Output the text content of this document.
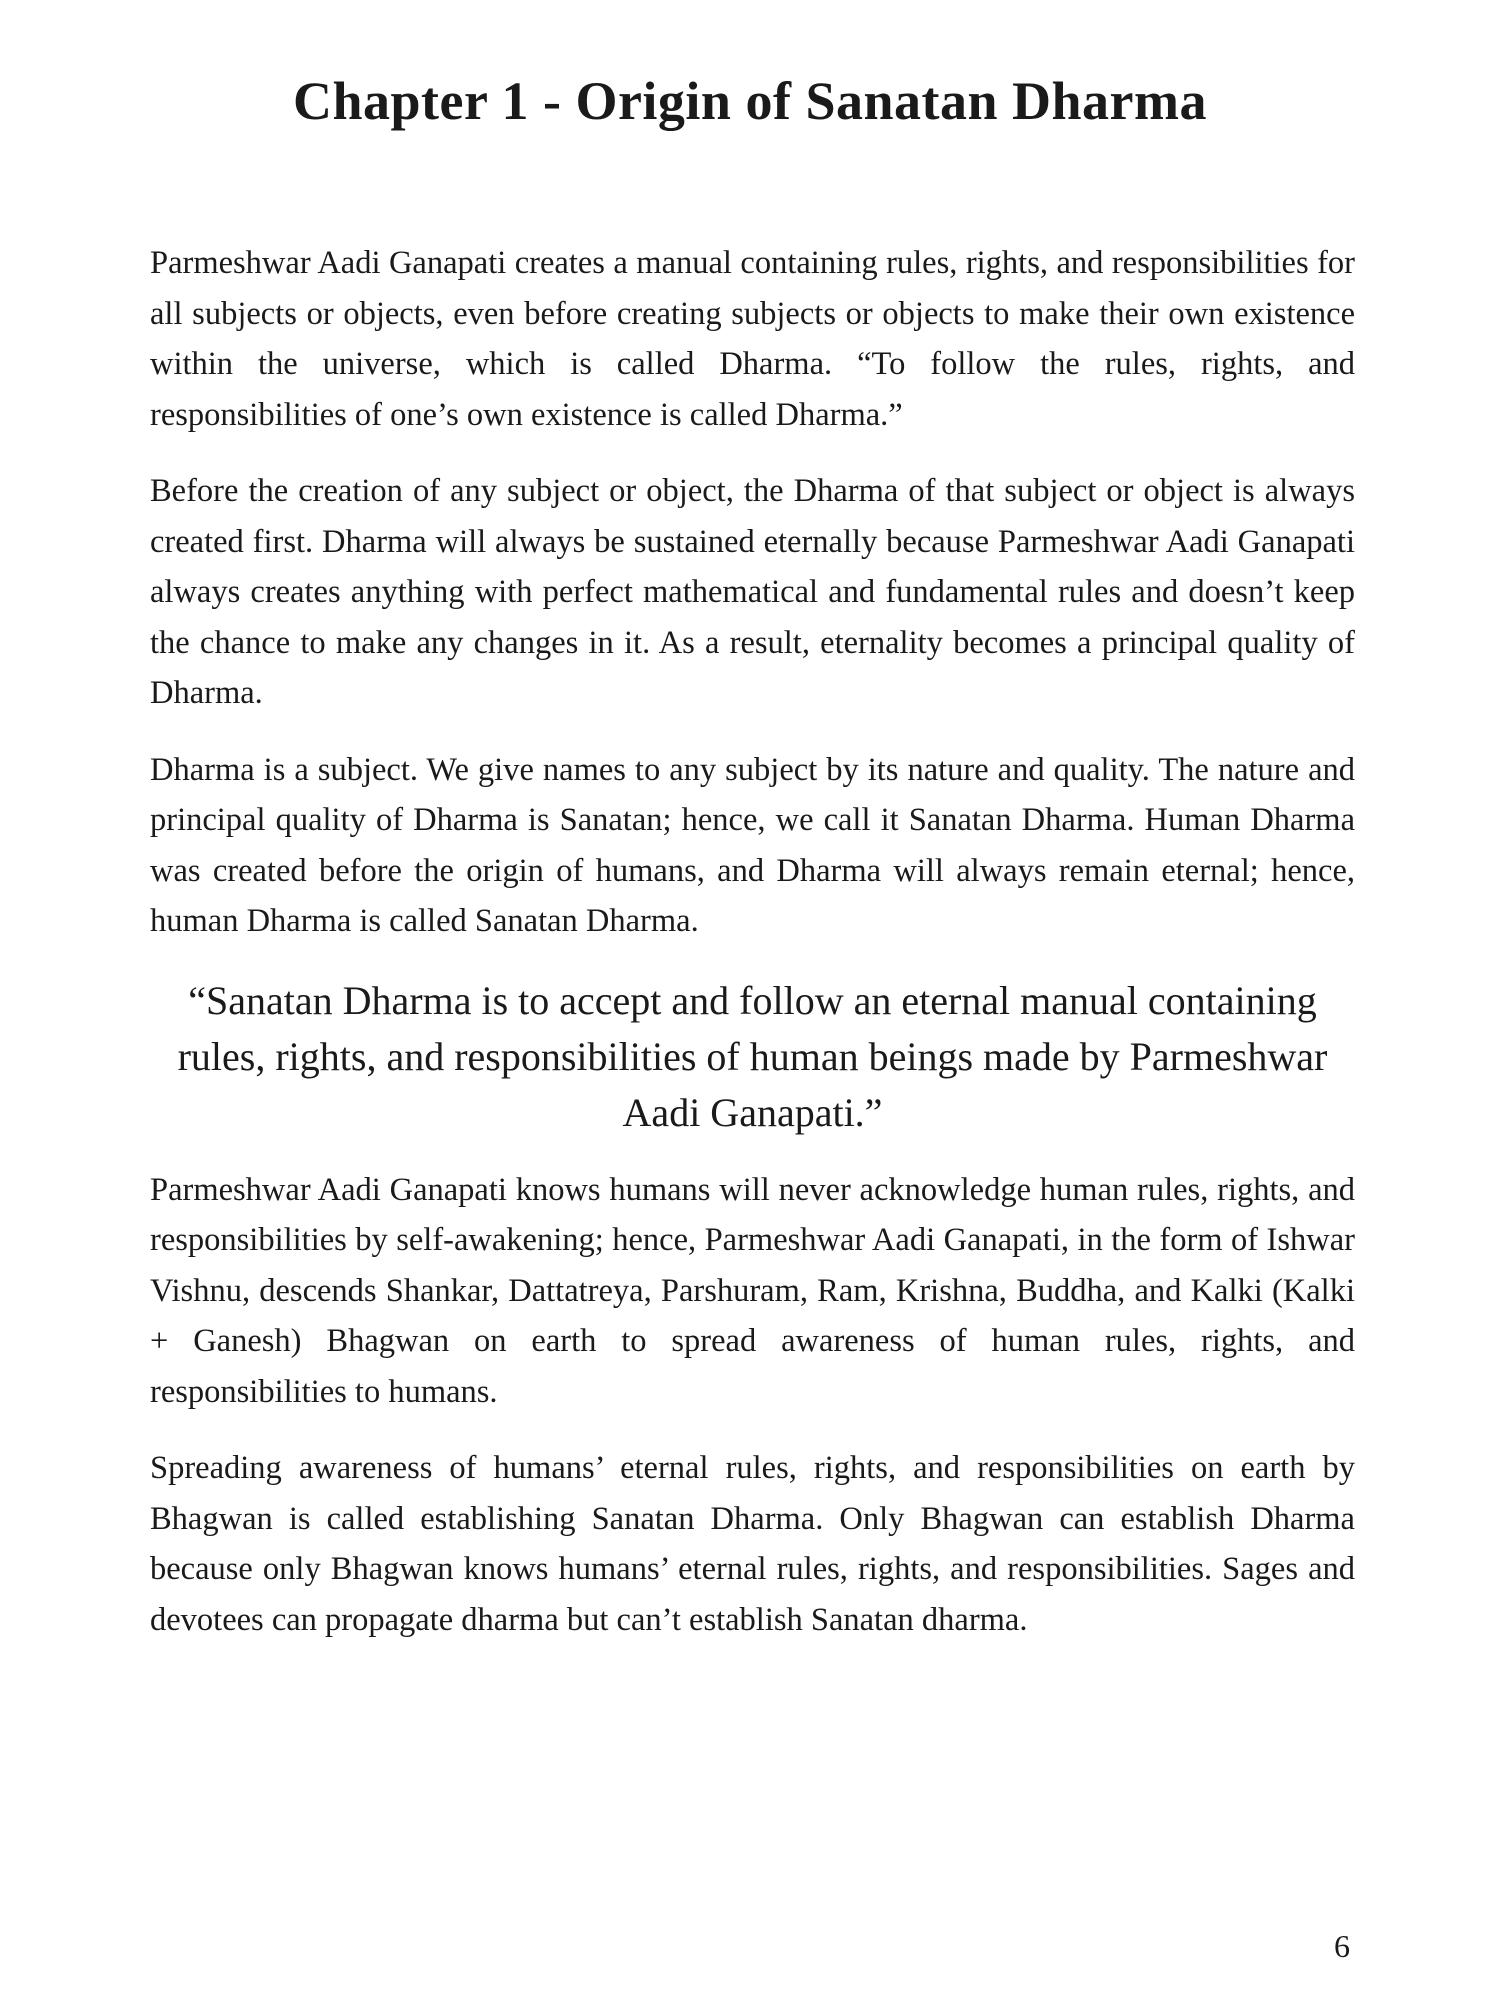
Chapter 1 - Origin of Sanatan Dharma

Parmeshwar Aadi Ganapati creates a manual containing rules, rights, and responsibilities for all subjects or objects, even before creating subjects or objects to make their own existence within the universe, which is called Dharma. “To follow the rules, rights, and responsibilities of one’s own existence is called Dharma.”

Before the creation of any subject or object, the Dharma of that subject or object is always created first. Dharma will always be sustained eternally because Parmeshwar Aadi Ganapati always creates anything with perfect mathematical and fundamental rules and doesn’t keep the chance to make any changes in it. As a result, eternality becomes a principal quality of Dharma.

Dharma is a subject. We give names to any subject by its nature and quality. The nature and principal quality of Dharma is Sanatan; hence, we call it Sanatan Dharma. Human Dharma was created before the origin of humans, and Dharma will always remain eternal; hence, human Dharma is called Sanatan Dharma.

“Sanatan Dharma is to accept and follow an eternal manual containing rules, rights, and responsibilities of human beings made by Parmeshwar Aadi Ganapati.”

Parmeshwar Aadi Ganapati knows humans will never acknowledge human rules, rights, and responsibilities by self-awakening; hence, Parmeshwar Aadi Ganapati, in the form of Ishwar Vishnu, descends Shankar, Dattatreya, Parshuram, Ram, Krishna, Buddha, and Kalki (Kalki + Ganesh) Bhagwan on earth to spread awareness of human rules, rights, and responsibilities to humans.

Spreading awareness of humans’ eternal rules, rights, and responsibilities on earth by Bhagwan is called establishing Sanatan Dharma. Only Bhagwan can establish Dharma because only Bhagwan knows humans’ eternal rules, rights, and responsibilities. Sages and devotees can propagate dharma but can’t establish Sanatan dharma.

6
